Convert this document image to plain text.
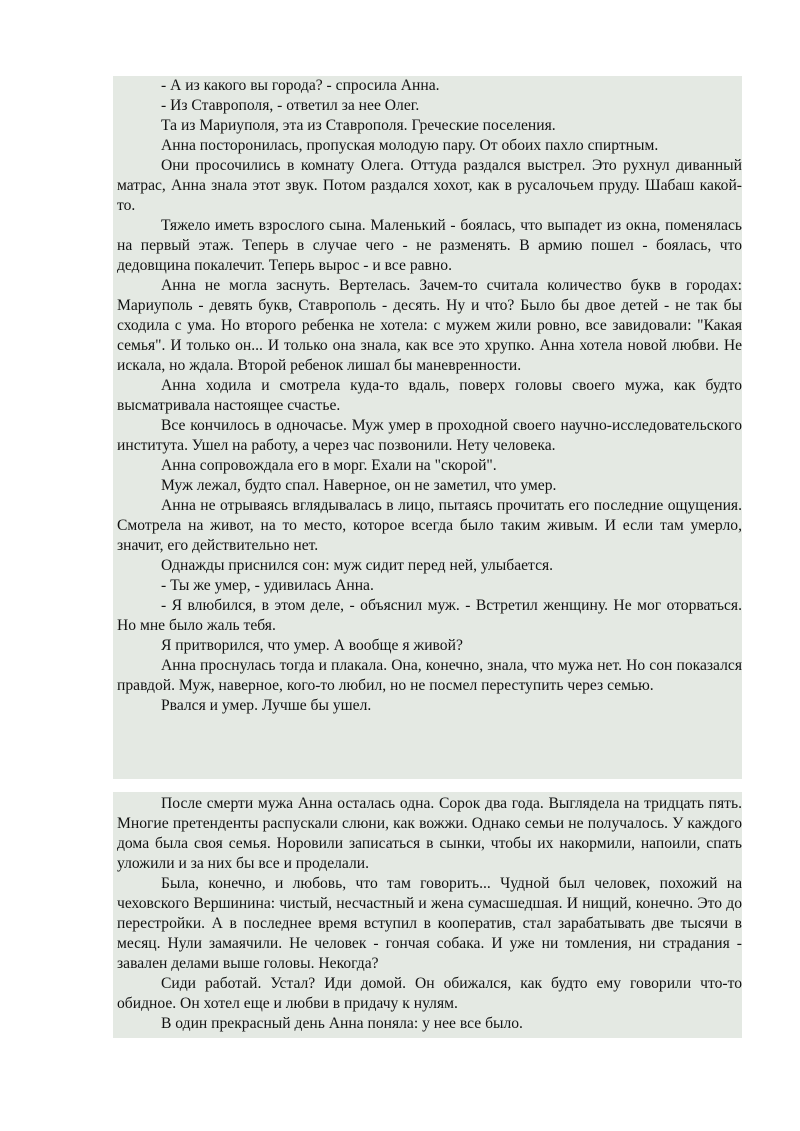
- А из какого вы города? - спросила Анна.

- Из Ставрополя, - ответил за нее Олег.

Та из Мариуполя, эта из Ставрополя. Греческие поселения.

Анна посторонилась, пропуская молодую пару. От обоих пахло спиртным.

Они просочились в комнату Олега. Оттуда раздался выстрел. Это рухнул диванный матрас, Анна знала этот звук. Потом раздался хохот, как в русалочьем пруду. Шабаш какой-то.

Тяжело иметь взрослого сына. Маленький - боялась, что выпадет из окна, поменялась на первый этаж. Теперь в случае чего - не разменять. В армию пошел - боялась, что дедовщина покалечит. Теперь вырос - и все равно.

Анна не могла заснуть. Вертелась. Зачем-то считала количество букв в городах: Мариуполь - девять букв, Ставрополь - десять. Ну и что? Было бы двое детей - не так бы сходила с ума. Но второго ребенка не хотела: с мужем жили ровно, все завидовали: "Какая семья". И только он... И только она знала, как все это хрупко. Анна хотела новой любви. Не искала, но ждала. Второй ребенок лишал бы маневренности.

Анна ходила и смотрела куда-то вдаль, поверх головы своего мужа, как будто высматривала настоящее счастье.

Все кончилось в одночасье. Муж умер в проходной своего научно-исследовательского института. Ушел на работу, а через час позвонили. Нету человека.

Анна сопровождала его в морг. Ехали на "скорой".

Муж лежал, будто спал. Наверное, он не заметил, что умер.

Анна не отрываясь вглядывалась в лицо, пытаясь прочитать его последние ощущения. Смотрела на живот, на то место, которое всегда было таким живым. И если там умерло, значит, его действительно нет.

Однажды приснился сон: муж сидит перед ней, улыбается.

- Ты же умер, - удивилась Анна.

- Я влюбился, в этом деле, - объяснил муж. - Встретил женщину. Не мог оторваться. Но мне было жаль тебя.

Я притворился, что умер. А вообще я живой?

Анна проснулась тогда и плакала. Она, конечно, знала, что мужа нет. Но сон показался правдой. Муж, наверное, кого-то любил, но не посмел переступить через семью.

Рвался и умер. Лучше бы ушел.

После смерти мужа Анна осталась одна. Сорок два года. Выглядела на тридцать пять. Многие претенденты распускали слюни, как вожжи. Однако семьи не получалось. У каждого дома была своя семья. Норовили записаться в сынки, чтобы их накормили, напоили, спать уложили и за них бы все и проделали.

Была, конечно, и любовь, что там говорить... Чудной был человек, похожий на чеховского Вершинина: чистый, несчастный и жена сумасшедшая. И нищий, конечно. Это до перестройки. А в последнее время вступил в кооператив, стал зарабатывать две тысячи в месяц. Нули замаячили. Не человек - гончая собака. И уже ни томления, ни страдания - завален делами выше головы. Некогда?

Сиди работай. Устал? Иди домой. Он обижался, как будто ему говорили что-то обидное. Он хотел еще и любви в придачу к нулям.

В один прекрасный день Анна поняла: у нее все было.
